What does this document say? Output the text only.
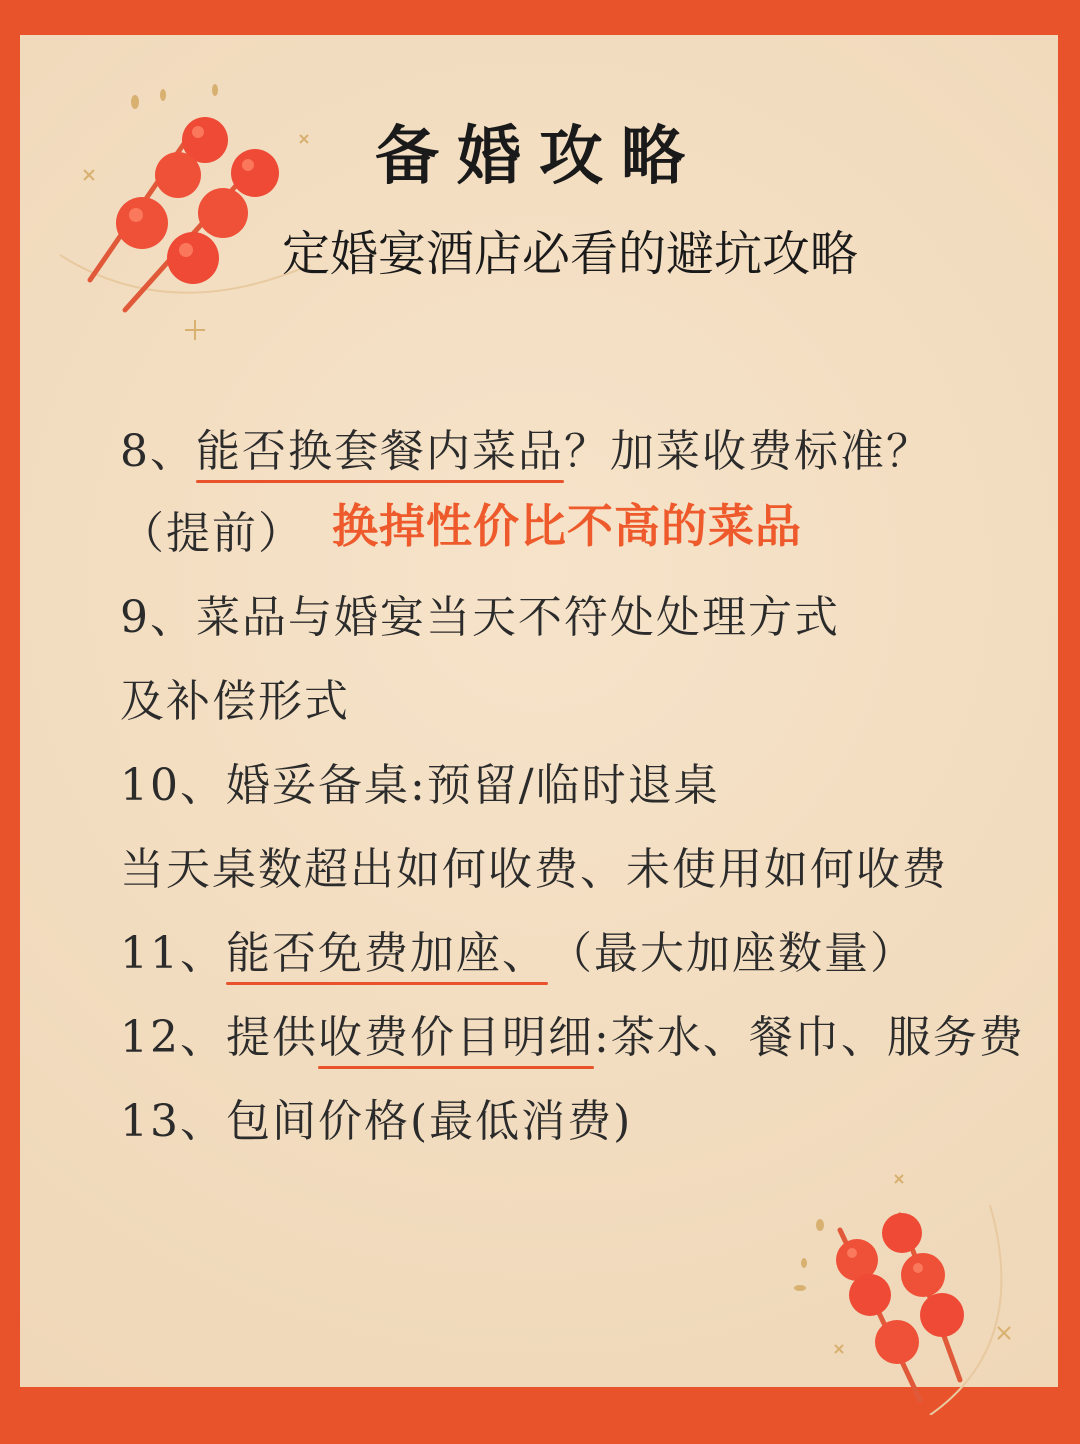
备婚攻略
定婚宴酒店必看的避坑攻略
8、能否换套餐内菜品？加菜收费标准？
（提前） 换掉性价比不高的菜品
9、菜品与婚宴当天不符处处理方式
及补偿形式
10、婚妥备桌:预留/临时退桌
当天桌数超出如何收费、未使用如何收费
11、能否免费加座、（最大加座数量）
12、提供收费价目明细:茶水、餐巾、服务费
13、包间价格(最低消费)
